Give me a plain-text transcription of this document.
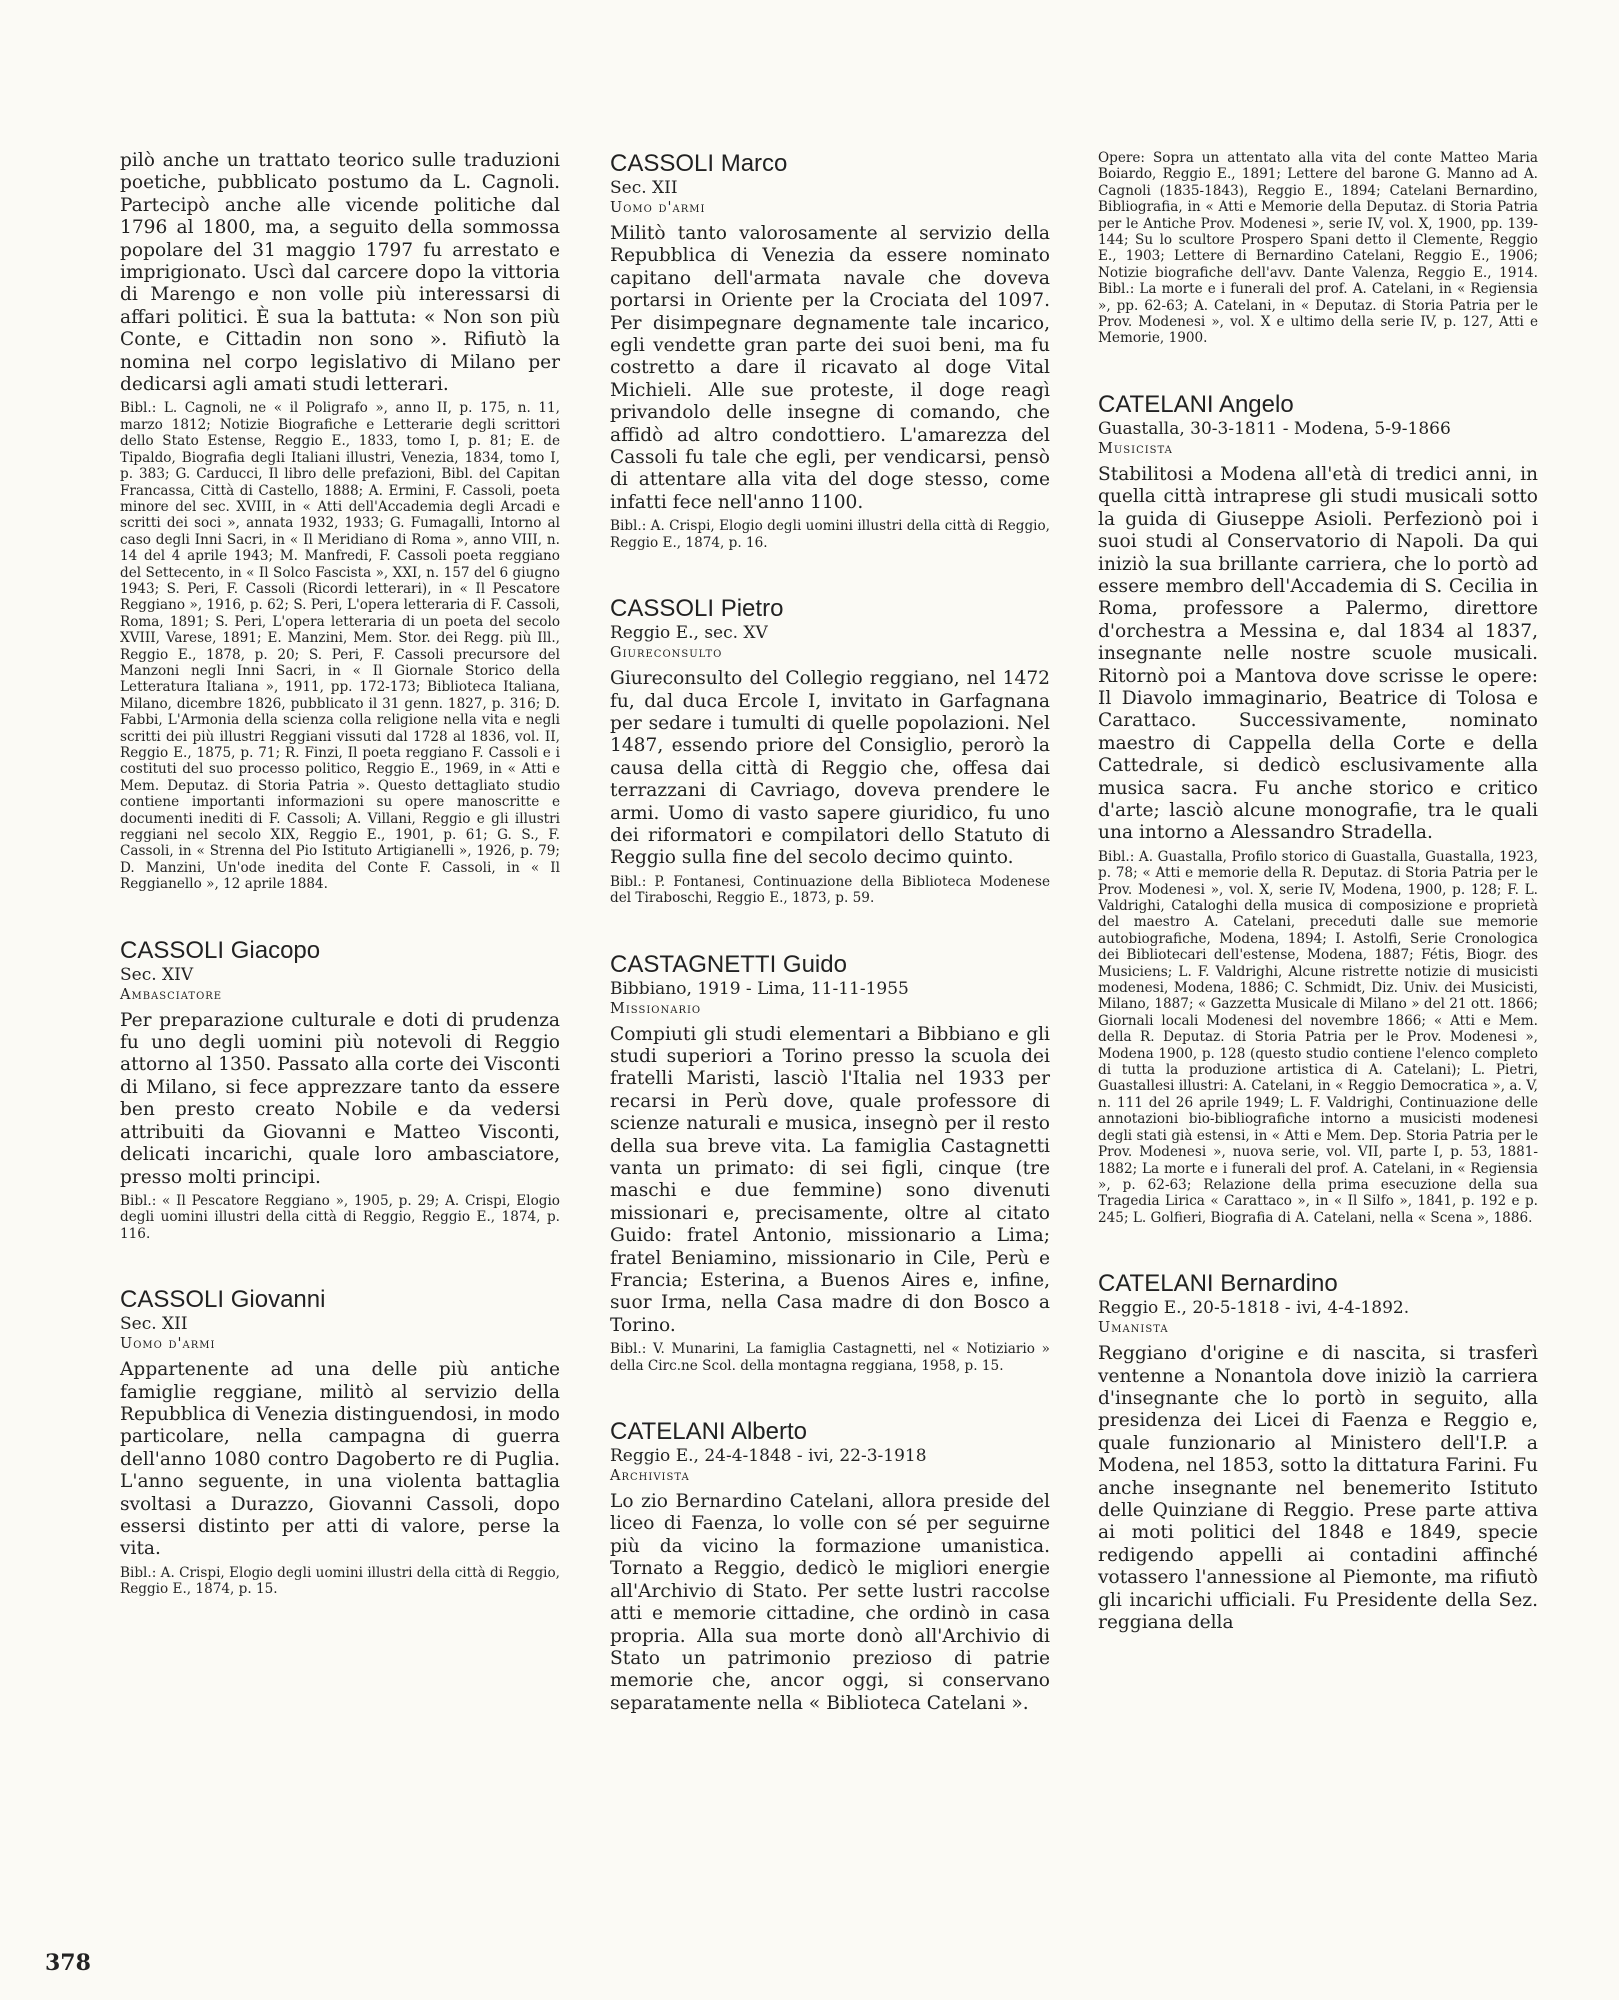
pilò anche un trattato teorico sulle traduzioni poetiche, pubblicato postumo da L. Cagnoli. Partecipò anche alle vicende politiche dal 1796 al 1800, ma, a seguito della sommossa popolare del 31 maggio 1797 fu arrestato e imprigionato. Uscì dal carcere dopo la vittoria di Marengo e non volle più interessarsi di affari politici. È sua la battuta: « Non son più Conte, e Cittadin non sono ». Rifiutò la nomina nel corpo legislativo di Milano per dedicarsi agli amati studi letterari.

Bibl.: L. Cagnoli, ne « il Poligrafo », anno II, p. 175, n. 11, marzo 1812; Notizie Biografiche e Letterarie degli scrittori dello Stato Estense, Reggio E., 1833, tomo I, p. 81; E. de Tipaldo, Biografia degli Italiani illustri, Venezia, 1834, tomo I, p. 383; G. Carducci, Il libro delle prefazioni, Bibl. del Capitan Francassa, Città di Castello, 1888; A. Ermini, F. Cassoli, poeta minore del sec. XVIII, in « Atti dell'Accademia degli Arcadi e scritti dei soci », annata 1932, 1933; G. Fumagalli, Intorno al caso degli Inni Sacri, in « Il Meridiano di Roma », anno VIII, n. 14 del 4 aprile 1943; M. Manfredi, F. Cassoli poeta reggiano del Settecento, in « Il Solco Fascista », XXI, n. 157 del 6 giugno 1943; S. Peri, F. Cassoli (Ricordi letterari), in « Il Pescatore Reggiano », 1916, p. 62; S. Peri, L'opera letteraria di F. Cassoli, Roma, 1891; S. Peri, L'opera letteraria di un poeta del secolo XVIII, Varese, 1891; E. Manzini, Mem. Stor. dei Regg. più Ill., Reggio E., 1878, p. 20; S. Peri, F. Cassoli precursore del Manzoni negli Inni Sacri, in « Il Giornale Storico della Letteratura Italiana », 1911, pp. 172-173; Biblioteca Italiana, Milano, dicembre 1826, pubblicato il 31 genn. 1827, p. 316; D. Fabbi, L'Armonia della scienza colla religione nella vita e negli scritti dei più illustri Reggiani vissuti dal 1728 al 1836, vol. II, Reggio E., 1875, p. 71; R. Finzi, Il poeta reggiano F. Cassoli e i costituti del suo processo politico, Reggio E., 1969, in « Atti e Mem. Deputaz. di Storia Patria ». Questo dettagliato studio contiene importanti informazioni su opere manoscritte e documenti inediti di F. Cassoli; A. Villani, Reggio e gli illustri reggiani nel secolo XIX, Reggio E., 1901, p. 61; G. S., F. Cassoli, in « Strenna del Pio Istituto Artigianelli », 1926, p. 79; D. Manzini, Un'ode inedita del Conte F. Cassoli, in « Il Reggianello », 12 aprile 1884.

CASSOLI Giacopo

Sec. XIV

Ambasciatore

Per preparazione culturale e doti di prudenza fu uno degli uomini più notevoli di Reggio attorno al 1350. Passato alla corte dei Visconti di Milano, si fece apprezzare tanto da essere ben presto creato Nobile e da vedersi attribuiti da Giovanni e Matteo Visconti, delicati incarichi, quale loro ambasciatore, presso molti principi.

Bibl.: « Il Pescatore Reggiano », 1905, p. 29; A. Crispi, Elogio degli uomini illustri della città di Reggio, Reggio E., 1874, p. 116.

CASSOLI Giovanni

Sec. XII

Uomo d'armi

Appartenente ad una delle più antiche famiglie reggiane, militò al servizio della Repubblica di Venezia distinguendosi, in modo particolare, nella campagna di guerra dell'anno 1080 contro Dagoberto re di Puglia. L'anno seguente, in una violenta battaglia svoltasi a Durazzo, Giovanni Cassoli, dopo essersi distinto per atti di valore, perse la vita.

Bibl.: A. Crispi, Elogio degli uomini illustri della città di Reggio, Reggio E., 1874, p. 15.

CASSOLI Marco

Sec. XII

Uomo d'armi

Militò tanto valorosamente al servizio della Repubblica di Venezia da essere nominato capitano dell'armata navale che doveva portarsi in Oriente per la Crociata del 1097. Per disimpegnare degnamente tale incarico, egli vendette gran parte dei suoi beni, ma fu costretto a dare il ricavato al doge Vital Michieli. Alle sue proteste, il doge reagì privandolo delle insegne di comando, che affidò ad altro condottiero. L'amarezza del Cassoli fu tale che egli, per vendicarsi, pensò di attentare alla vita del doge stesso, come infatti fece nell'anno 1100.

Bibl.: A. Crispi, Elogio degli uomini illustri della città di Reggio, Reggio E., 1874, p. 16.

CASSOLI Pietro

Reggio E., sec. XV

Giureconsulto

Giureconsulto del Collegio reggiano, nel 1472 fu, dal duca Ercole I, invitato in Garfagnana per sedare i tumulti di quelle popolazioni. Nel 1487, essendo priore del Consiglio, perorò la causa della città di Reggio che, offesa dai terrazzani di Cavriago, doveva prendere le armi. Uomo di vasto sapere giuridico, fu uno dei riformatori e compilatori dello Statuto di Reggio sulla fine del secolo decimo quinto.

Bibl.: P. Fontanesi, Continuazione della Biblioteca Modenese del Tiraboschi, Reggio E., 1873, p. 59.

CASTAGNETTI Guido

Bibbiano, 1919 - Lima, 11-11-1955

Missionario

Compiuti gli studi elementari a Bibbiano e gli studi superiori a Torino presso la scuola dei fratelli Maristi, lasciò l'Italia nel 1933 per recarsi in Perù dove, quale professore di scienze naturali e musica, insegnò per il resto della sua breve vita. La famiglia Castagnetti vanta un primato: di sei figli, cinque (tre maschi e due femmine) sono divenuti missionari e, precisamente, oltre al citato Guido: fratel Antonio, missionario a Lima; fratel Beniamino, missionario in Cile, Perù e Francia; Esterina, a Buenos Aires e, infine, suor Irma, nella Casa madre di don Bosco a Torino.

Bibl.: V. Munarini, La famiglia Castagnetti, nel « Notiziario » della Circ.ne Scol. della montagna reggiana, 1958, p. 15.

CATELANI Alberto

Reggio E., 24-4-1848 - ivi, 22-3-1918

Archivista

Lo zio Bernardino Catelani, allora preside del liceo di Faenza, lo volle con sé per seguirne più da vicino la formazione umanistica. Tornato a Reggio, dedicò le migliori energie all'Archivio di Stato. Per sette lustri raccolse atti e memorie cittadine, che ordinò in casa propria. Alla sua morte donò all'Archivio di Stato un patrimonio prezioso di patrie memorie che, ancor oggi, si conservano separatamente nella « Biblioteca Catelani ».

Opere: Sopra un attentato alla vita del conte Matteo Maria Boiardo, Reggio E., 1891; Lettere del barone G. Manno ad A. Cagnoli (1835-1843), Reggio E., 1894; Catelani Bernardino, Bibliografia, in « Atti e Memorie della Deputaz. di Storia Patria per le Antiche Prov. Modenesi », serie IV, vol. X, 1900, pp. 139-144; Su lo scultore Prospero Spani detto il Clemente, Reggio E., 1903; Lettere di Bernardino Catelani, Reggio E., 1906; Notizie biografiche dell'avv. Dante Valenza, Reggio E., 1914. Bibl.: La morte e i funerali del prof. A. Catelani, in « Regiensia », pp. 62-63; A. Catelani, in « Deputaz. di Storia Patria per le Prov. Modenesi », vol. X e ultimo della serie IV, p. 127, Atti e Memorie, 1900.

CATELANI Angelo

Guastalla, 30-3-1811 - Modena, 5-9-1866

Musicista

Stabilitosi a Modena all'età di tredici anni, in quella città intraprese gli studi musicali sotto la guida di Giuseppe Asioli. Perfezionò poi i suoi studi al Conservatorio di Napoli. Da qui iniziò la sua brillante carriera, che lo portò ad essere membro dell'Accademia di S. Cecilia in Roma, professore a Palermo, direttore d'orchestra a Messina e, dal 1834 al 1837, insegnante nelle nostre scuole musicali. Ritornò poi a Mantova dove scrisse le opere: Il Diavolo immaginario, Beatrice di Tolosa e Carattaco. Successivamente, nominato maestro di Cappella della Corte e della Cattedrale, si dedicò esclusivamente alla musica sacra. Fu anche storico e critico d'arte; lasciò alcune monografie, tra le quali una intorno a Alessandro Stradella.

Bibl.: A. Guastalla, Profilo storico di Guastalla, Guastalla, 1923, p. 78; « Atti e memorie della R. Deputaz. di Storia Patria per le Prov. Modenesi », vol. X, serie IV, Modena, 1900, p. 128; F. L. Valdrighi, Cataloghi della musica di composizione e proprietà del maestro A. Catelani, preceduti dalle sue memorie autobiografiche, Modena, 1894; I. Astolfi, Serie Cronologica dei Bibliotecari dell'estense, Modena, 1887; Fétis, Biogr. des Musiciens; L. F. Valdrighi, Alcune ristrette notizie di musicisti modenesi, Modena, 1886; C. Schmidt, Diz. Univ. dei Musicisti, Milano, 1887; « Gazzetta Musicale di Milano » del 21 ott. 1866; Giornali locali Modenesi del novembre 1866; « Atti e Mem. della R. Deputaz. di Storia Patria per le Prov. Modenesi », Modena 1900, p. 128 (questo studio contiene l'elenco completo di tutta la produzione artistica di A. Catelani); L. Pietri, Guastallesi illustri: A. Catelani, in « Reggio Democratica », a. V, n. 111 del 26 aprile 1949; L. F. Valdrighi, Continuazione delle annotazioni bio-bibliografiche intorno a musicisti modenesi degli stati già estensi, in « Atti e Mem. Dep. Storia Patria per le Prov. Modenesi », nuova serie, vol. VII, parte I, p. 53, 1881-1882; La morte e i funerali del prof. A. Catelani, in « Regiensia », p. 62-63; Relazione della prima esecuzione della sua Tragedia Lirica « Carattaco », in « Il Silfo », 1841, p. 192 e p. 245; L. Golfieri, Biografia di A. Catelani, nella « Scena », 1886.

CATELANI Bernardino

Reggio E., 20-5-1818 - ivi, 4-4-1892.

Umanista

Reggiano d'origine e di nascita, si trasferì ventenne a Nonantola dove iniziò la carriera d'insegnante che lo portò in seguito, alla presidenza dei Licei di Faenza e Reggio e, quale funzionario al Ministero dell'I.P. a Modena, nel 1853, sotto la dittatura Farini. Fu anche insegnante nel benemerito Istituto delle Quinziane di Reggio. Prese parte attiva ai moti politici del 1848 e 1849, specie redigendo appelli ai contadini affinché votassero l'annessione al Piemonte, ma rifiutò gli incarichi ufficiali. Fu Presidente della Sez. reggiana della

378
